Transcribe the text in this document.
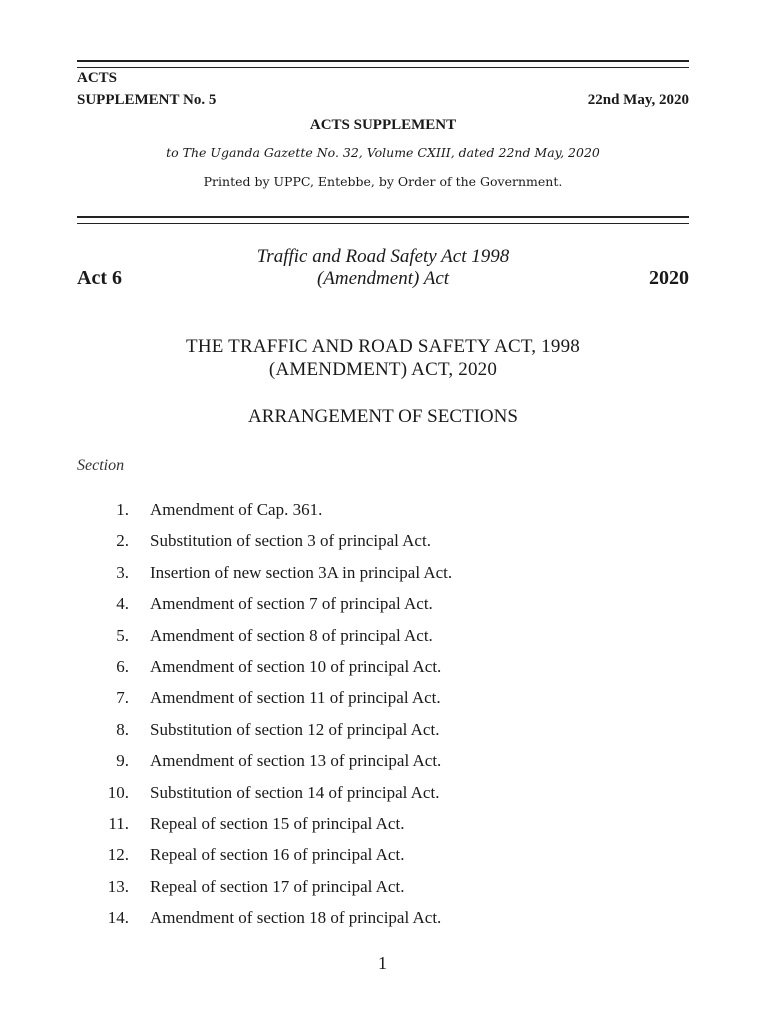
ACTS
SUPPLEMENT No. 5	22nd May, 2020
ACTS SUPPLEMENT
to The Uganda Gazette No. 32, Volume CXIII, dated 22nd May, 2020
Printed by UPPC, Entebbe, by Order of the Government.
Act 6	2020
Traffic and Road Safety Act 1998
(Amendment) Act
THE TRAFFIC AND ROAD SAFETY ACT, 1998
(AMENDMENT) ACT, 2020
ARRANGEMENT OF SECTIONS
Section
1.	Amendment of Cap. 361.
2.	Substitution of section 3 of principal Act.
3.	Insertion of new section 3A in principal Act.
4.	Amendment of section 7 of principal Act.
5.	Amendment of section 8 of principal Act.
6.	Amendment of section 10 of principal Act.
7.	Amendment of section 11 of principal Act.
8.	Substitution of section 12 of principal Act.
9.	Amendment of section 13 of principal Act.
10.	Substitution of section 14 of principal Act.
11.	Repeal of section 15 of principal Act.
12.	Repeal of section 16 of principal Act.
13.	Repeal of section 17 of principal Act.
14.	Amendment of section 18 of principal Act.
1
